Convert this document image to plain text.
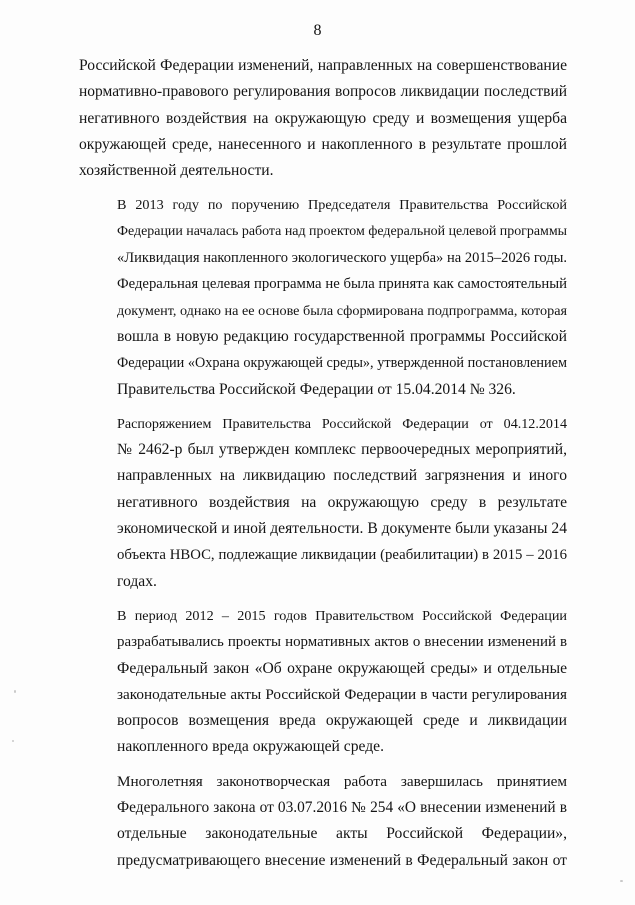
8

Российской Федерации изменений, направленных на совершенствование
нормативно-правового регулирования вопросов ликвидации последствий
негативного воздействия на окружающую среду и возмещения ущерба
окружающей среде, нанесенного и накопленного в результате прошлой
хозяйственной деятельности.

В 2013 году по поручению Председателя Правительства Российской
Федерации началась работа над проектом федеральной целевой программы
«Ликвидация накопленного экологического ущерба» на 2015–2026 годы.
Федеральная целевая программа не была принята как самостоятельный
документ, однако на ее основе была сформирована подпрограмма, которая
вошла в новую редакцию государственной программы Российской
Федерации «Охрана окружающей среды», утвержденной постановлением
Правительства Российской Федерации от 15.04.2014 № 326.

Распоряжением Правительства Российской Федерации от 04.12.2014
№ 2462-р был утвержден комплекс первоочередных мероприятий,
направленных на ликвидацию последствий загрязнения и иного
негативного воздействия на окружающую среду в результате
экономической и иной деятельности. В документе были указаны 24
объекта НВОС, подлежащие ликвидации (реабилитации) в 2015 – 2016
годах.

В период 2012 – 2015 годов Правительством Российской Федерации
разрабатывались проекты нормативных актов о внесении изменений в
Федеральный закон «Об охране окружающей среды» и отдельные
законодательные акты Российской Федерации в части регулирования
вопросов возмещения вреда окружающей среде и ликвидации
накопленного вреда окружающей среде.

Многолетняя законотворческая работа завершилась принятием
Федерального закона от 03.07.2016 № 254 «О внесении изменений в
отдельные законодательные акты Российской Федерации»,
предусматривающего внесение изменений в Федеральный закон от
